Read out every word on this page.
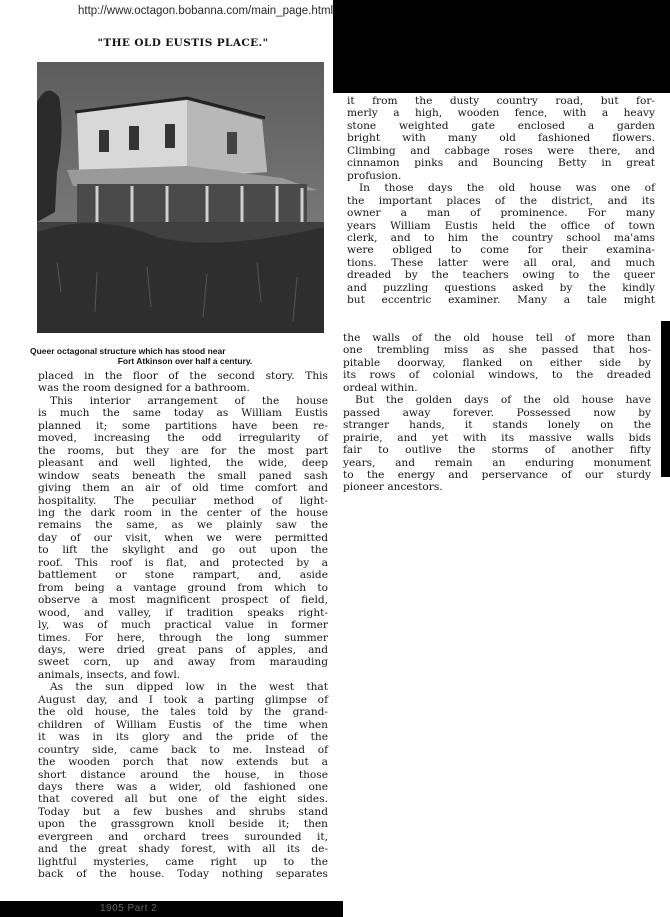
http://www.octagon.bobanna.com/main_page.html
"THE OLD EUSTIS PLACE."
Queer octagonal structure which has stood near
Fort Atkinson over half a century.
placed in the floor of the second story. This
was the room designed for a bathroom.
This interior arrangement of the house
is much the same today as William Eustis
planned it; some partitions have been re-
moved, increasing the odd irregularity of
the rooms, but they are for the most part
pleasant and well lighted, the wide, deep
window seats beneath the small paned sash
giving them an air of old time comfort and
hospitality. The peculiar method of light-
ing the dark room in the center of the house
remains the same, as we plainly saw the
day of our visit, when we were permitted
to lift the skylight and go out upon the
roof. This roof is flat, and protected by a
battlement or stone rampart, and, aside
from being a vantage ground from which to
observe a most magnificent prospect of field,
wood, and valley, if tradition speaks right-
ly, was of much practical value in former
times. For here, through the long summer
days, were dried great pans of apples, and
sweet corn, up and away from marauding
animals, insects, and fowl.
As the sun dipped low in the west that
August day, and I took a parting glimpse of
the old house, the tales told by the grand-
children of William Eustis of the time when
it was in its glory and the pride of the
country side, came back to me. Instead of
the wooden porch that now extends but a
short distance around the house, in those
days there was a wider, old fashioned one
that covered all but one of the eight sides.
Today but a few bushes and shrubs stand
upon the grassgrown knoll beside it; then
evergreen and orchard trees surounded it,
and the great shady forest, with all its de-
lightful mysteries, came right up to the
back of the house. Today nothing separates
it from the dusty country road, but for-
merly a high, wooden fence, with a heavy
stone weighted gate enclosed a garden
bright with many old fashioned flowers.
Climbing and cabbage roses were there, and
cinnamon pinks and Bouncing Betty in great
profusion.
In those days the old house was one of
the important places of the district, and its
owner a man of prominence. For many
years William Eustis held the office of town
clerk, and to him the country school ma'ams
were obliged to come for their examina-
tions. These latter were all oral, and much
dreaded by the teachers owing to the queer
and puzzling questions asked by the kindly
but eccentric examiner. Many a tale might
the walls of the old house tell of more than
one trembling miss as she passed that hos-
pitable doorway, flanked on either side by
its rows of colonial windows, to the dreaded
ordeal within.
But the golden days of the old house have
passed away forever. Possessed now by
stranger hands, it stands lonely on the
prairie, and yet with its massive walls bids
fair to outlive the storms of another fifty
years, and remain an enduring monument
to the energy and perservance of our sturdy
pioneer ancestors.
1905 Part 2
